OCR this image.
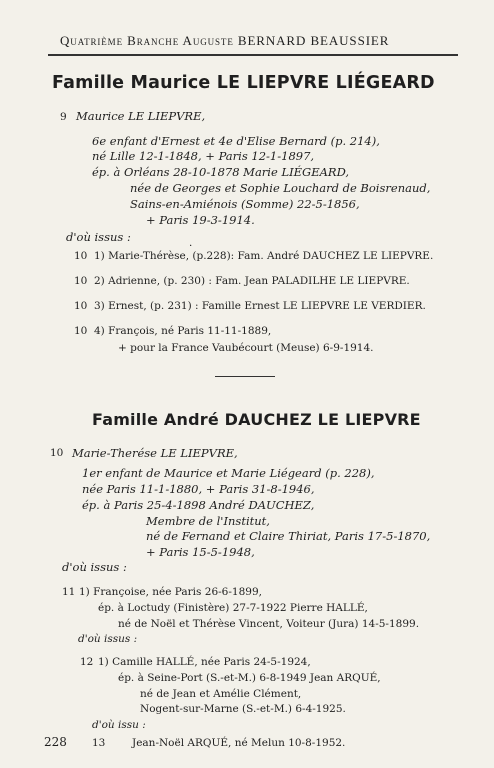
Quatrième Branche Auguste BERNARD BEAUSSIER
Famille Maurice LE LIEPVRE LIÉGEARD
9 Maurice LE LIEPVRE,
6e enfant d'Ernest et 4e d'Elise Bernard (p. 214),
né Lille 12-1-1848, + Paris 12-1-1897,
ép. à Orléans 28-10-1878 Marie LIÉGEARD,
née de Georges et Sophie Louchard de Boisrenaud,
Sains-en-Amiénois (Somme) 22-5-1856,
+ Paris 19-3-1914.
d'où issus :
·
10 1) Marie-Thérèse, (p.228): Fam. André DAUCHEZ LE LIEPVRE.
10 2) Adrienne, (p. 230) : Fam. Jean PALADILHE LE LIEPVRE.
10 3) Ernest, (p. 231) : Famille Ernest LE LIEPVRE LE VERDIER.
10 4) François, né Paris 11-11-1889,
+ pour la France Vaubécourt (Meuse) 6-9-1914.
Famille André DAUCHEZ LE LIEPVRE
10 Marie-Therése LE LIEPVRE,
1er enfant de Maurice et Marie Liégeard (p. 228),
née Paris 11-1-1880, + Paris 31-8-1946,
ép. à Paris 25-4-1898 André DAUCHEZ,
Membre de l'Institut,
né de Fernand et Claire Thiriat, Paris 17-5-1870,
+ Paris 15-5-1948,
d'où issus :
11 1) Françoise, née Paris 26-6-1899,
ép. à Loctudy (Finistère) 27-7-1922 Pierre HALLÉ,
né de Noël et Thérèse Vincent, Voiteur (Jura) 14-5-1899.
d'où issus :
12 1) Camille HALLÉ, née Paris 24-5-1924,
ép. à Seine-Port (S.-et-M.) 6-8-1949 Jean ARQUÉ,
né de Jean et Amélie Clément,
Nogent-sur-Marne (S.-et-M.) 6-4-1925.
d'où issu :
13	Jean-Noël ARQUÉ, né Melun 10-8-1952.
228
